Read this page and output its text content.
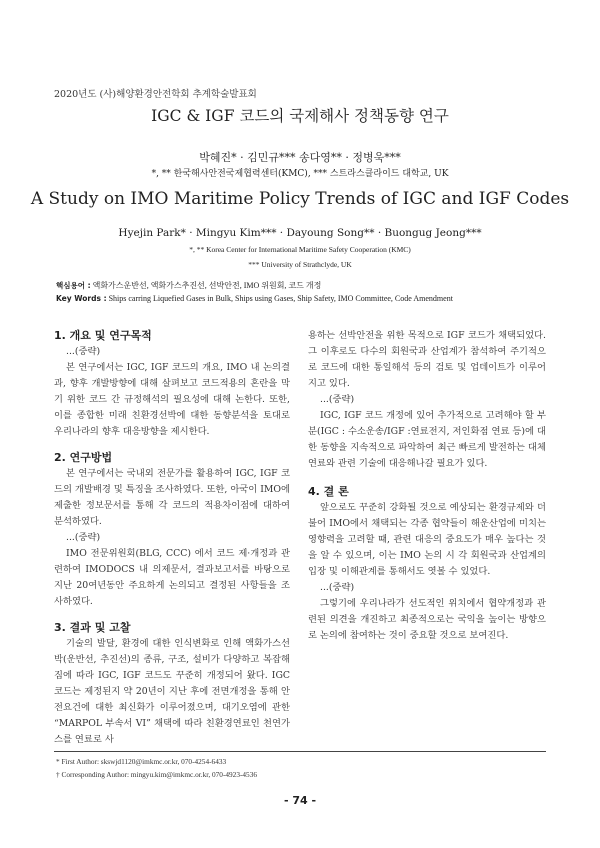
2020년도 (사)해양환경안전학회 추계학술발표회
IGC & IGF 코드의 국제해사 정책동향 연구
박혜진* · 김민규*** 송다영** · 정병욱***
*, ** 한국해사안전국제협력센터(KMC), *** 스트라스클라이드 대학교, UK
A Study on IMO Maritime Policy Trends of IGC and IGF Codes
Hyejin Park* · Mingyu Kim*** · Dayoung Song** · Buongug Jeong***
*, ** Korea Center for International Maritime Safety Cooperation (KMC)
*** University of Strathclyde, UK
핵심용어 : 액화가스운반선, 액화가스추진선, 선박안전, IMO 위원회, 코드 개정
Key Words : Ships carring Liquefied Gases in Bulk, Ships using Gases, Ship Safety, IMO Committee, Code Amendment

1. 개요 및 연구목적

...(중략)

본 연구에서는 IGC, IGF 코드의 개요, IMO 내 논의결과, 향후 개발방향에 대해 살펴보고 코드적용의 혼란을 막기 위한 코드 간 규정해석의 필요성에 대해 논한다. 또한, 이를 종합한 미래 친환경선박에 대한 동향분석을 토대로 우리나라의 향후 대응방향을 제시한다.

2. 연구방법

본 연구에서는 국내외 전문가를 활용하여 IGC, IGF 코드의 개발배경 및 특징을 조사하였다. 또한, 아국이 IMO에 제출한 정보문서를 통해 각 코드의 적용차이점에 대하여 분석하였다.

...(중략)

IMO 전문위원회(BLG, CCC) 에서 코드 제·개정과 관련하여 IMODOCS 내 의제문서, 결과보고서를 바탕으로 지난 20여년동안 주요하게 논의되고 결정된 사항들을 조사하였다.

3. 결과 및 고찰

기술의 발달, 환경에 대한 인식변화로 인해 액화가스선박(운반선, 추진선)의 종류, 구조, 설비가 다양하고 복잡해짐에 따라 IGC, IGF 코드도 꾸준히 개정되어 왔다. IGC 코드는 제정된지 약 20년이 지난 후에 전면개정을 통해 안전요건에 대한 최신화가 이루어졌으며, 대기오염에 관한 “MARPOL 부속서 VI” 채택에 따라 친환경연료인 천연가스를 연료로 사

용하는 선박안전을 위한 목적으로 IGF 코드가 채택되었다. 그 이후로도 다수의 회원국과 산업계가 참석하여 주기적으로 코드에 대한 통일해석 등의 검토 및 업데이트가 이루어지고 있다.

...(중략)

IGC, IGF 코드 개정에 있어 추가적으로 고려해야 할 부분(IGC : 수소운송/IGF :연료전지, 저인화점 연료 등)에 대한 동향을 지속적으로 파악하여 최근 빠르게 발전하는 대체 연료와 관련 기술에 대응해나갈 필요가 있다.

4. 결 론

앞으로도 꾸준히 강화될 것으로 예상되는 환경규제와 더불어 IMO에서 채택되는 각종 협약들이 해운산업에 미치는 영향력을 고려할 때, 관련 대응의 중요도가 매우 높다는 것을 알 수 있으며, 이는 IMO 논의 시 각 회원국과 산업계의 입장 및 이해관계를 통해서도 엿볼 수 있었다.

...(중략)

그렇기에 우리나라가 선도적인 위치에서 협약개정과 관련된 의견을 개진하고 최종적으로는 국익을 높이는 방향으로 논의에 참여하는 것이 중요할 것으로 보여진다.

* First Author: skswjd1120@imkmc.or.kr, 070-4254-6433
† Corresponding Author: mingyu.kim@imkmc.or.kr, 070-4923-4536
- 74 -
